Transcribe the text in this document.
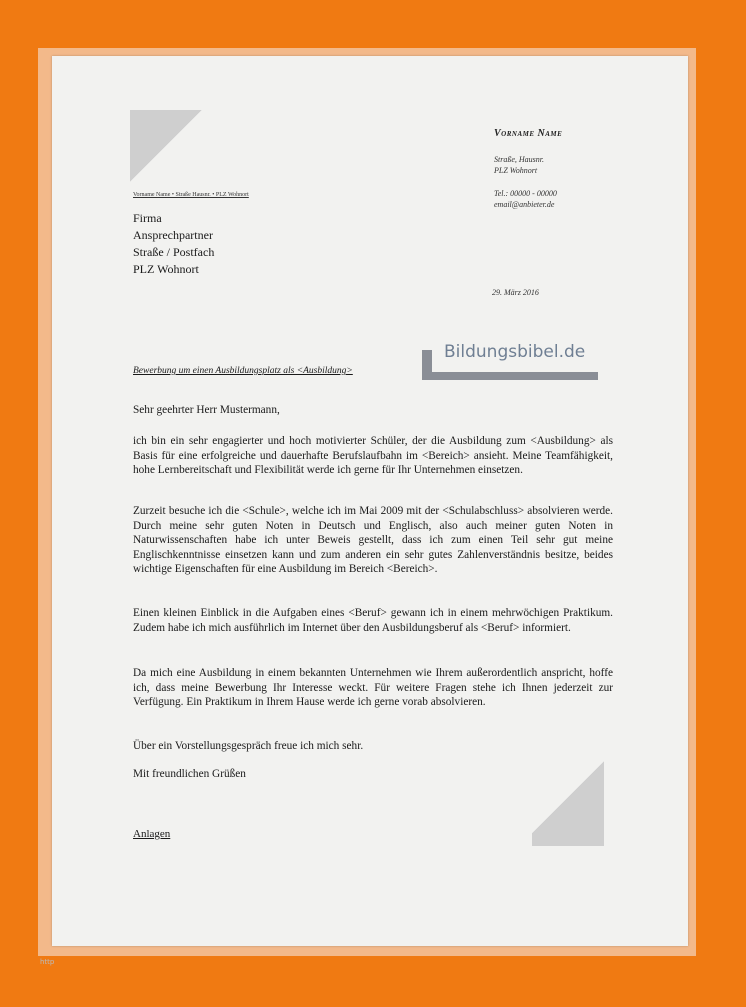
Vorname Name
Straße, Hausnr.
PLZ Wohnort
Tel.: 00000 - 00000
email@anbieter.de
Vorname Name • Straße Hausnr. • PLZ Wohnort
Firma
Ansprechpartner
Straße / Postfach
PLZ Wohnort
29. März 2016
Bildungsbibel.de
Bewerbung um einen Ausbildungsplatz als <Ausbildung>
Sehr geehrter Herr Mustermann,

ich bin ein sehr engagierter und hoch motivierter Schüler, der die Ausbildung zum <Ausbildung> als Basis für eine erfolgreiche und dauerhafte Berufslaufbahn im <Bereich> ansieht. Meine Teamfähigkeit, hohe Lernbereitschaft und Flexibilität werde ich gerne für Ihr Unternehmen einsetzen.

Zurzeit besuche ich die <Schule>, welche ich im Mai 2009 mit der <Schulabschluss> absolvieren werde. Durch meine sehr guten Noten in Deutsch und Englisch, also auch meiner guten Noten in Naturwissenschaften habe ich unter Beweis gestellt, dass ich zum einen Teil sehr gut meine Englischkenntnisse einsetzen kann und zum anderen ein sehr gutes Zahlenverständnis besitze, beides wichtige Eigenschaften für eine Ausbildung im Bereich <Bereich>.

Einen kleinen Einblick in die Aufgaben eines <Beruf> gewann ich in einem mehrwöchigen Praktikum. Zudem habe ich mich ausführlich im Internet über den Ausbildungsberuf als <Beruf> informiert.

Da mich eine Ausbildung in einem bekannten Unternehmen wie Ihrem außerordentlich anspricht, hoffe ich, dass meine Bewerbung Ihr Interesse weckt. Für weitere Fragen stehe ich Ihnen jederzeit zur Verfügung. Ein Praktikum in Ihrem Hause werde ich gerne vorab absolvieren.

Über ein Vorstellungsgespräch freue ich mich sehr.
Mit freundlichen Grüßen
Anlagen
http
